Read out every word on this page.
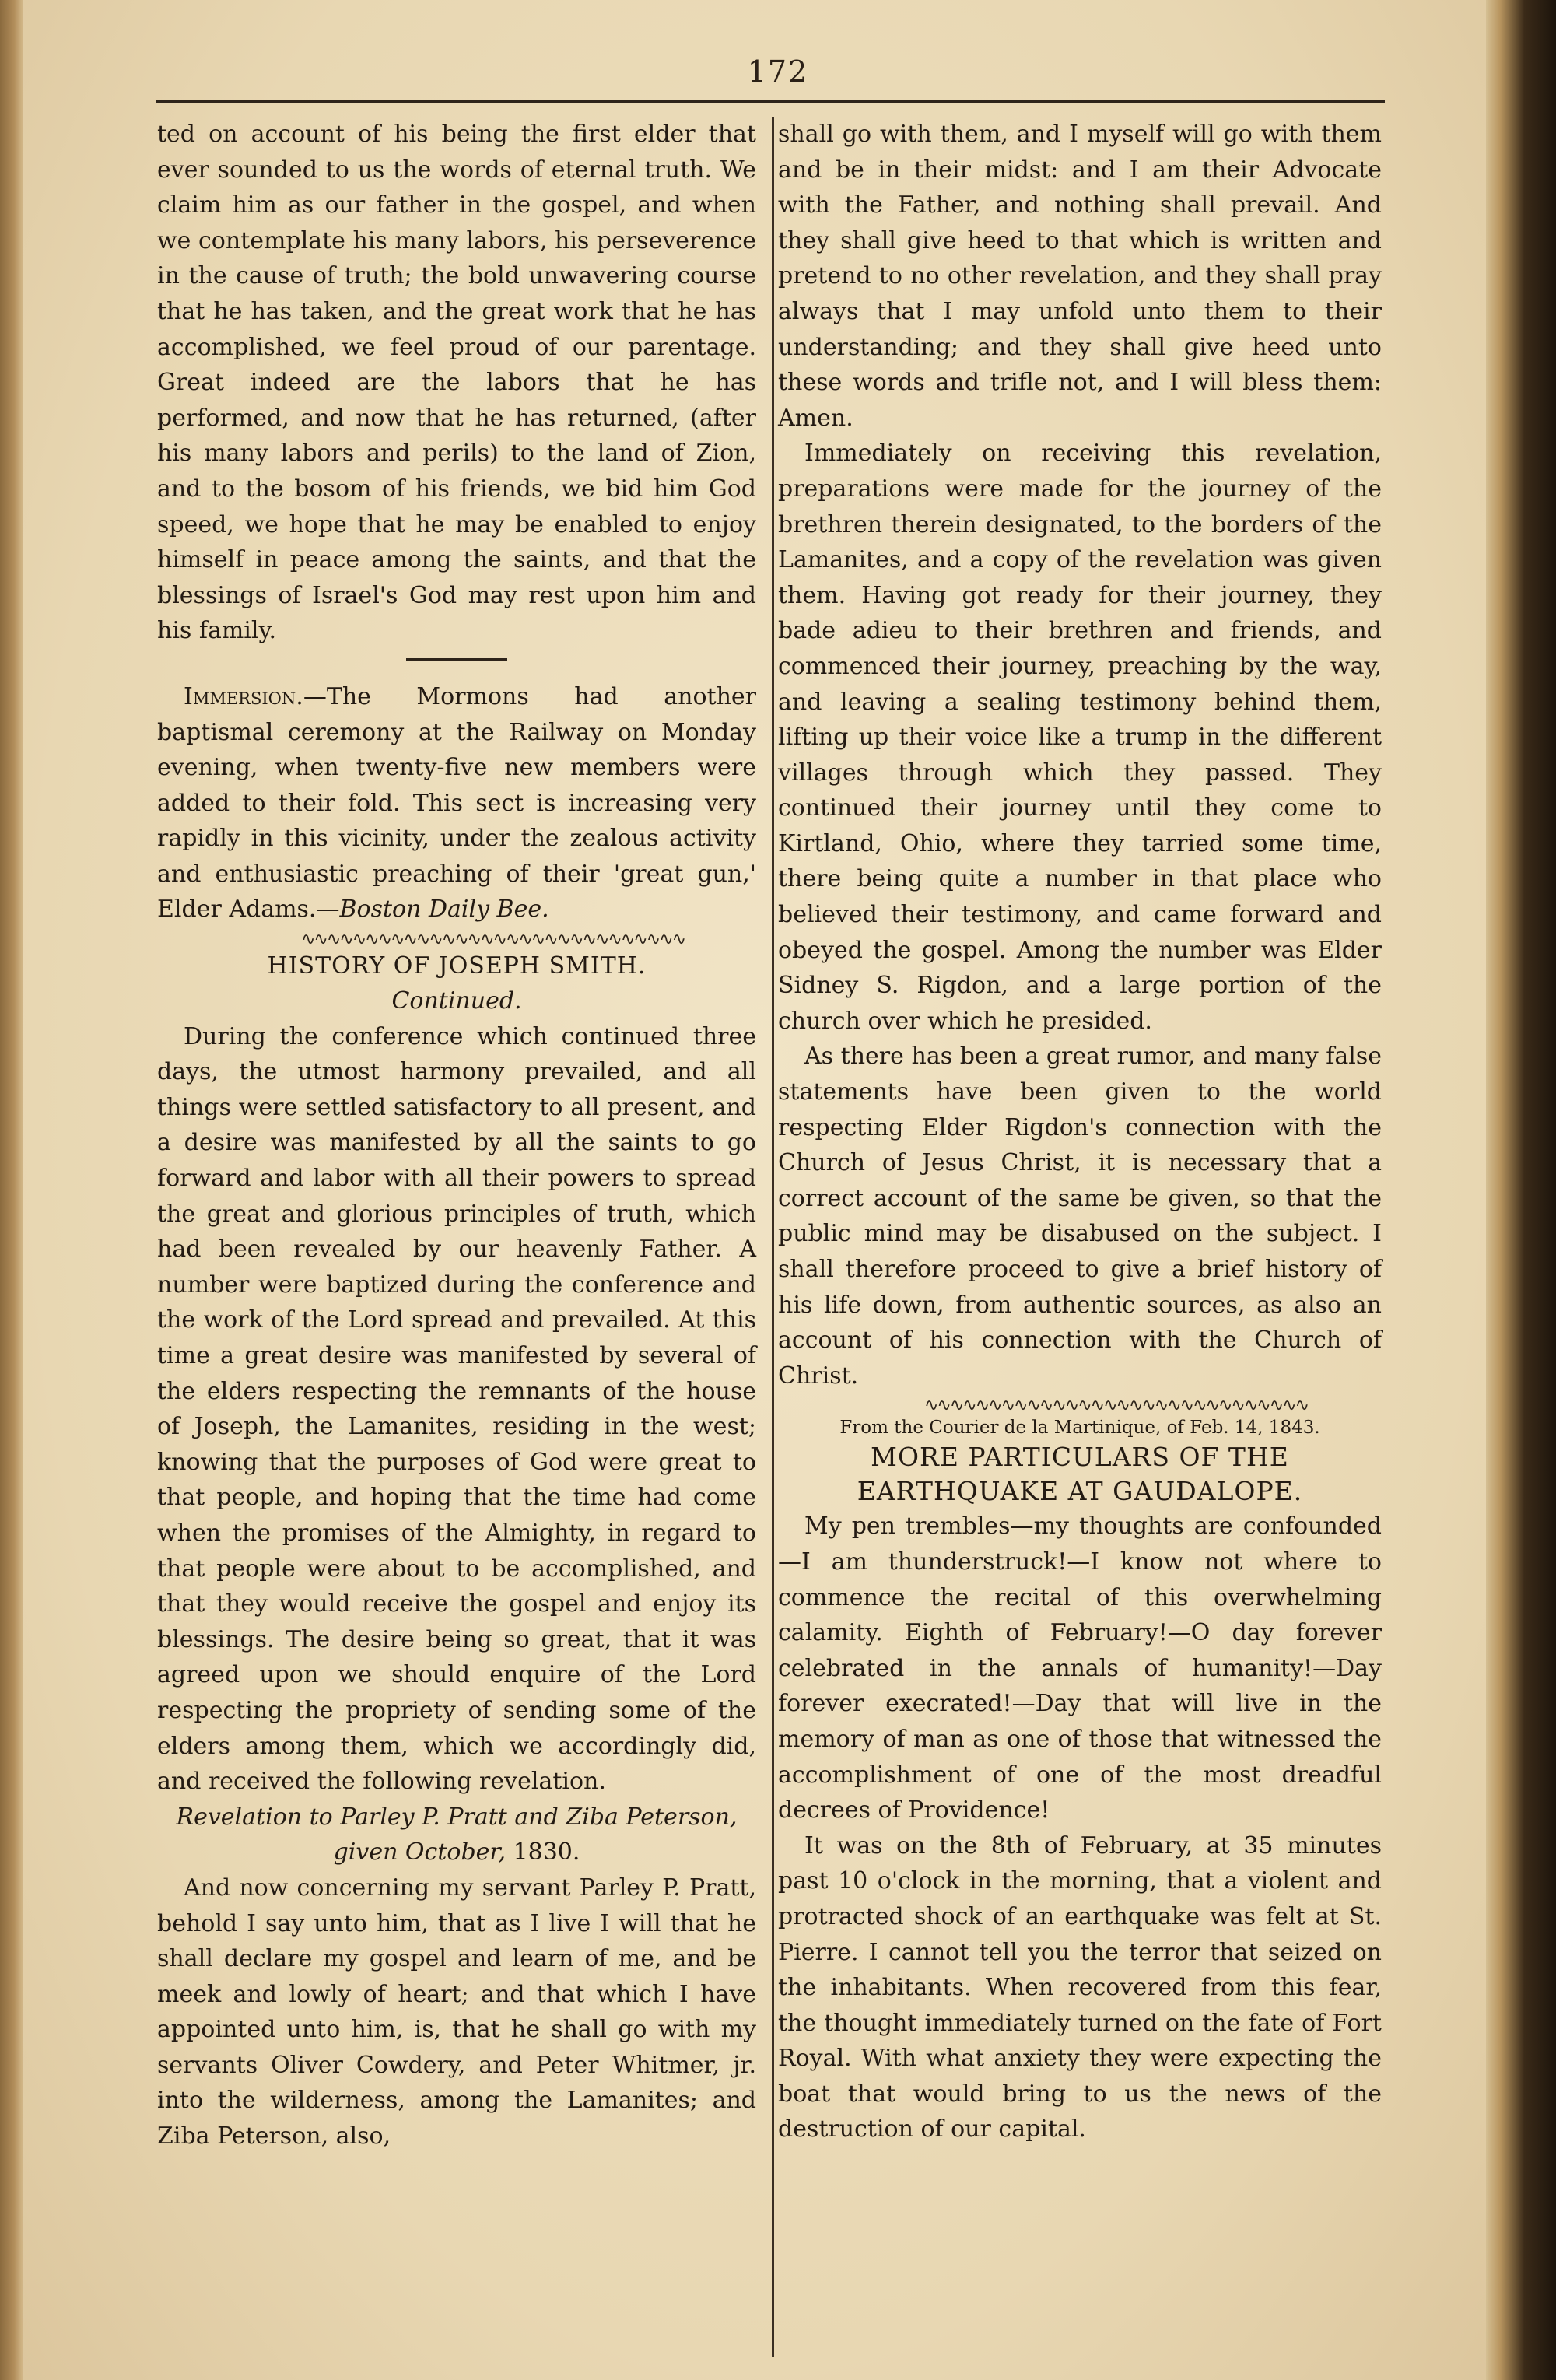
172

ted on account of his being the first elder that ever sounded to us the words of eternal truth. We claim him as our father in the gospel, and when we contemplate his many labors, his perseverence in the cause of truth; the bold unwavering course that he has taken, and the great work that he has accomplished, we feel proud of our parentage. Great indeed are the labors that he has performed, and now that he has returned, (after his many labors and perils) to the land of Zion, and to the bosom of his friends, we bid him God speed, we hope that he may be enabled to enjoy himself in peace among the saints, and that the blessings of Israel's God may rest upon him and his family.

Immersion.—The Mormons had another baptismal ceremony at the Railway on Monday evening, when twenty-five new members were added to their fold. This sect is increasing very rapidly in this vicinity, under the zealous activity and enthusiastic preaching of their 'great gun,' Elder Adams.—Boston Daily Bee.

∿∿∿∿∿∿∿∿∿∿∿∿∿∿∿∿∿∿∿∿∿∿∿∿∿∿∿∿∿∿

HISTORY OF JOSEPH SMITH.

Continued.

During the conference which continued three days, the utmost harmony prevailed, and all things were settled satisfactory to all present, and a desire was manifested by all the saints to go forward and labor with all their powers to spread the great and glorious principles of truth, which had been revealed by our heavenly Father. A number were baptized during the conference and the work of the Lord spread and prevailed. At this time a great desire was manifested by several of the elders respecting the remnants of the house of Joseph, the Lamanites, residing in the west; knowing that the purposes of God were great to that people, and hoping that the time had come when the promises of the Almighty, in regard to that people were about to be accomplished, and that they would receive the gospel and enjoy its blessings. The desire being so great, that it was agreed upon we should enquire of the Lord respecting the propriety of sending some of the elders among them, which we accordingly did, and received the following revelation.

Revelation to Parley P. Pratt and Ziba Peterson,

given October, 1830.

And now concerning my servant Parley P. Pratt, behold I say unto him, that as I live I will that he shall declare my gospel and learn of me, and be meek and lowly of heart; and that which I have appointed unto him, is, that he shall go with my servants Oliver Cowdery, and Peter Whitmer, jr. into the wilderness, among the Lamanites; and Ziba Peterson, also,

shall go with them, and I myself will go with them and be in their midst: and I am their Advocate with the Father, and nothing shall prevail. And they shall give heed to that which is written and pretend to no other revelation, and they shall pray always that I may unfold unto them to their understanding; and they shall give heed unto these words and trifle not, and I will bless them: Amen.

Immediately on receiving this revelation, preparations were made for the journey of the brethren therein designated, to the borders of the Lamanites, and a copy of the revelation was given them. Having got ready for their journey, they bade adieu to their brethren and friends, and commenced their journey, preaching by the way, and leaving a sealing testimony behind them, lifting up their voice like a trump in the different villages through which they passed. They continued their journey until they come to Kirtland, Ohio, where they tarried some time, there being quite a number in that place who believed their testimony, and came forward and obeyed the gospel. Among the number was Elder Sidney S. Rigdon, and a large portion of the church over which he presided.

As there has been a great rumor, and many false statements have been given to the world respecting Elder Rigdon's connection with the Church of Jesus Christ, it is necessary that a correct account of the same be given, so that the public mind may be disabused on the subject. I shall therefore proceed to give a brief history of his life down, from authentic sources, as also an account of his connection with the Church of Christ.

∿∿∿∿∿∿∿∿∿∿∿∿∿∿∿∿∿∿∿∿∿∿∿∿∿∿∿∿∿∿

From the Courier de la Martinique, of Feb. 14, 1843.

MORE PARTICULARS OF THE EARTHQUAKE AT GAUDALOPE.

My pen trembles—my thoughts are confounded—I am thunderstruck!—I know not where to commence the recital of this overwhelming calamity. Eighth of February!—O day forever celebrated in the annals of humanity!—Day forever execrated!—Day that will live in the memory of man as one of those that witnessed the accomplishment of one of the most dreadful decrees of Providence!

It was on the 8th of February, at 35 minutes past 10 o'clock in the morning, that a violent and protracted shock of an earthquake was felt at St. Pierre. I cannot tell you the terror that seized on the inhabitants. When recovered from this fear, the thought immediately turned on the fate of Fort Royal. With what anxiety they were expecting the boat that would bring to us the news of the destruction of our capital.
